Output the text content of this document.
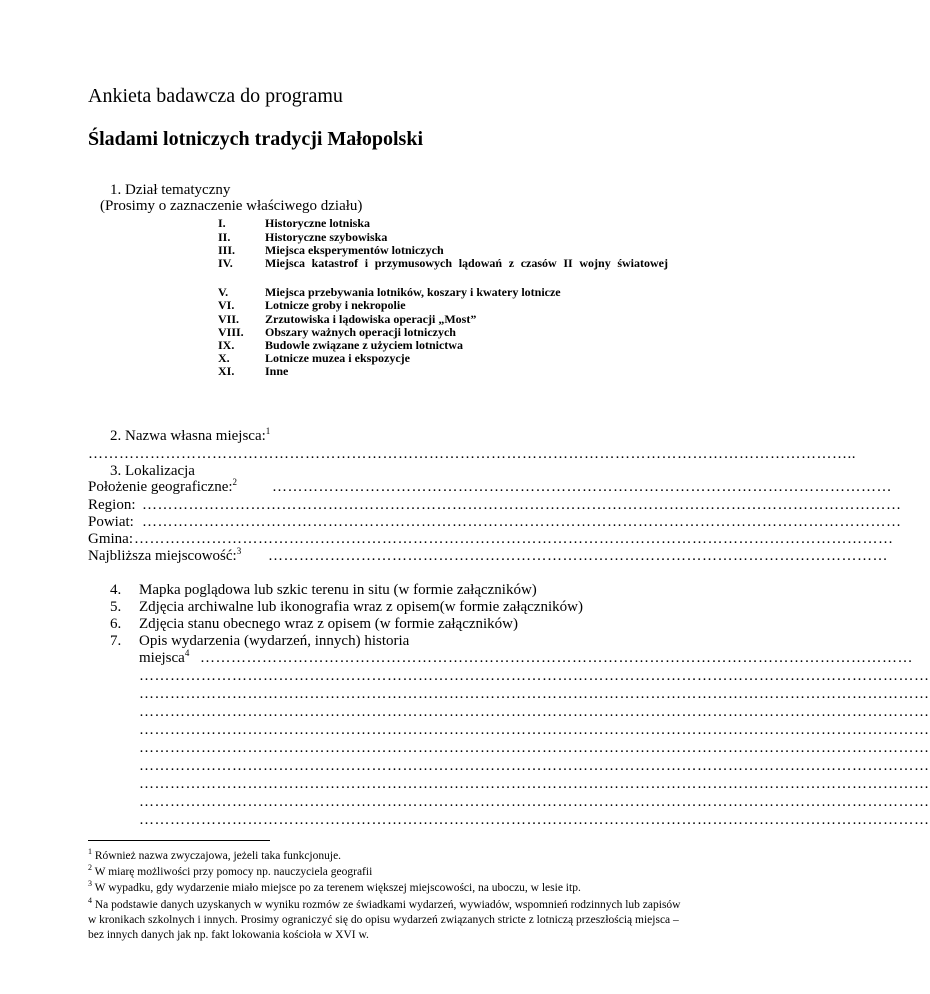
Ankieta badawcza do programu
Śladami lotniczych tradycji Małopolski
1. Dział tematyczny
(Prosimy o zaznaczenie właściwego działu)
I.	Historyczne lotniska
II.	Historyczne szybowiska
III. Miejsca eksperymentów lotniczych
IV.	Miejsca katastrof i przymusowych lądowań z czasów II wojny światowej
V.	Miejsca przebywania lotników, koszary i kwatery lotnicze
VI.	Lotnicze groby i nekropolie
VII. Zrzutowiska i lądowiska operacji „Most”
VIII. Obszary ważnych operacji lotniczych
IX.	Budowle związane z użyciem lotnictwa
X.	Lotnicze muzea i ekspozycje
XI.	Inne
2. Nazwa własna miejsca:$^1$
…………………………………………………………………………………………………………………………………..
3. Lokalizacja
Położenie geograficzne:$^2$ …………………………………………………………………………………………………………
Region: …………………………………………………………………………………………………………………………………
Powiat: …………………………………………………………………………………………………………………………………
Gmina: …………………………………………………………………………………………………………………………………
Najbliższa miejscowość:$^3$ …………………………………………………………………………………………………………
4. Mapka poglądowa lub szkic terenu in situ (w formie załączników)
5. Zdjęcia archiwalne lub ikonografia wraz z opisem(w formie załączników)
6. Zdjęcia stanu obecnego wraz z opisem (w formie załączników)
7. Opis wydarzenia (wydarzeń, innych) historia
miejsca$^4$ …………………………………………………………………………………………………………………………
………………………………………………………………………………………………………………………………………
………………………………………………………………………………………………………………………………………
………………………………………………………………………………………………………………………………………
………………………………………………………………………………………………………………………………………
………………………………………………………………………………………………………………………………………
………………………………………………………………………………………………………………………………………
………………………………………………………………………………………………………………………………………
………………………………………………………………………………………………………………………………………
………………………………………………………………………………………………………………………………………
$^1$ Również nazwa zwyczajowa, jeżeli taka funkcjonuje.
$^2$ W miarę możliwości przy pomocy np. nauczyciela geografii
$^3$ W wypadku, gdy wydarzenie miało miejsce po za terenem większej miejscowości, na uboczu, w lesie itp.
$^4$ Na podstawie danych uzyskanych w wyniku rozmów ze świadkami wydarzeń, wywiadów, wspomnień rodzinnych lub zapisów w kronikach szkolnych i innych. Prosimy ograniczyć się do opisu wydarzeń związanych stricte z lotniczą przeszłością miejsca – bez innych danych jak np. fakt lokowania kościoła w XVI w.
